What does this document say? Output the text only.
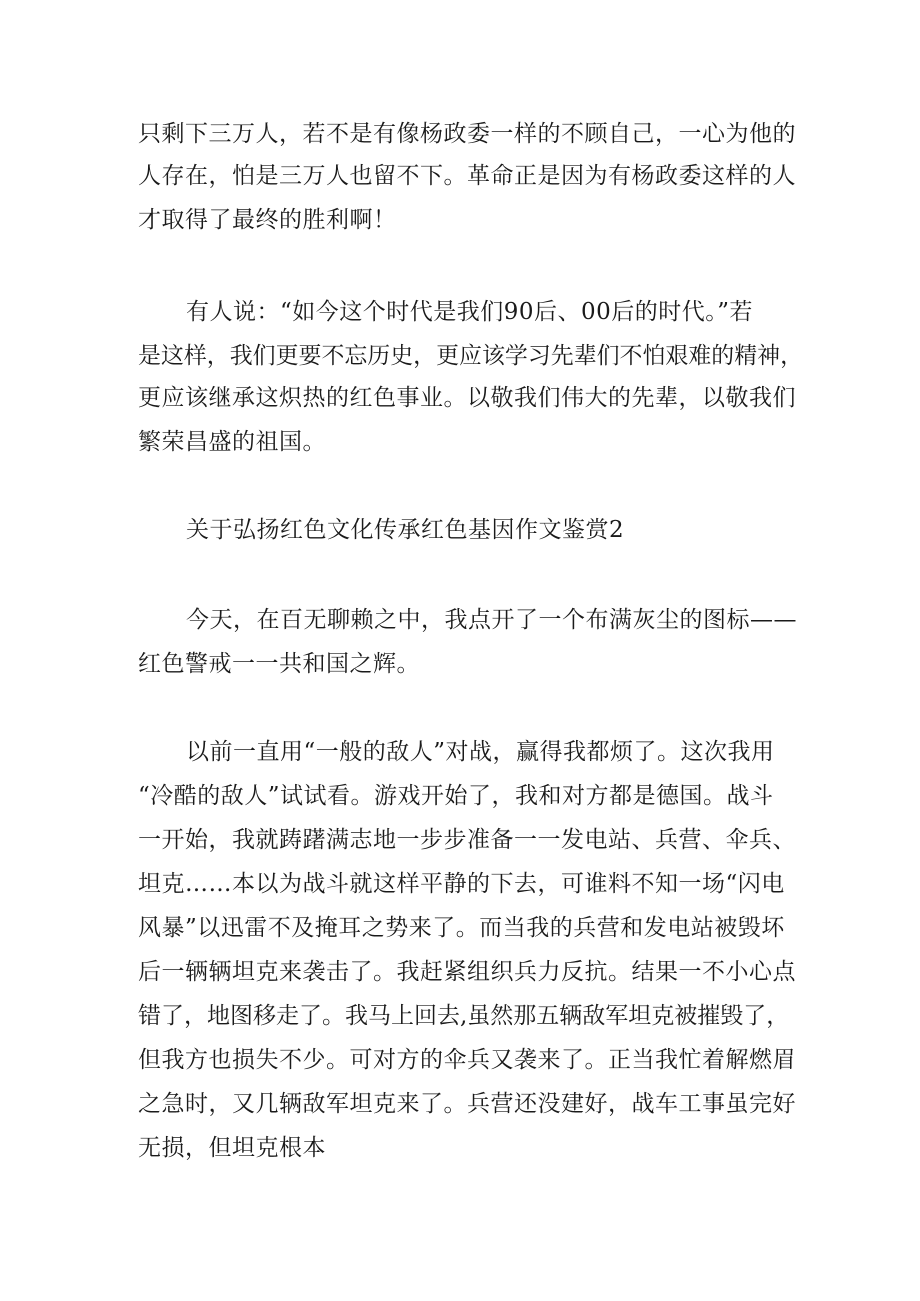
只剩下三万人，若不是有像杨政委一样的不顾自己，一心为他的
人存在，怕是三万人也留不下。革命正是因为有杨政委这样的人
才取得了最终的胜利啊！
有人说：“如今这个时代是我们90后、00后的时代。”若
是这样，我们更要不忘历史，更应该学习先辈们不怕艰难的精神，
更应该继承这炽热的红色事业。以敬我们伟大的先辈，以敬我们
繁荣昌盛的祖国。
关于弘扬红色文化传承红色基因作文鉴赏2
今天，在百无聊赖之中，我点开了一个布满灰尘的图标——
红色警戒一一共和国之辉。
以前一直用“一般的敌人”对战，赢得我都烦了。这次我用
“冷酷的敌人”试试看。游戏开始了，我和对方都是德国。战斗
一开始，我就踌躇满志地一步步准备一一发电站、兵营、伞兵、
坦克……本以为战斗就这样平静的下去，可谁料不知一场“闪电
风暴”以迅雷不及掩耳之势来了。而当我的兵营和发电站被毁坏
后一辆辆坦克来袭击了。我赶紧组织兵力反抗。结果一不小心点
错了，地图移走了。我马上回去,虽然那五辆敌军坦克被摧毁了，
但我方也损失不少。可对方的伞兵又袭来了。正当我忙着解燃眉
之急时，又几辆敌军坦克来了。兵营还没建好，战车工事虽完好
无损，但坦克根本
